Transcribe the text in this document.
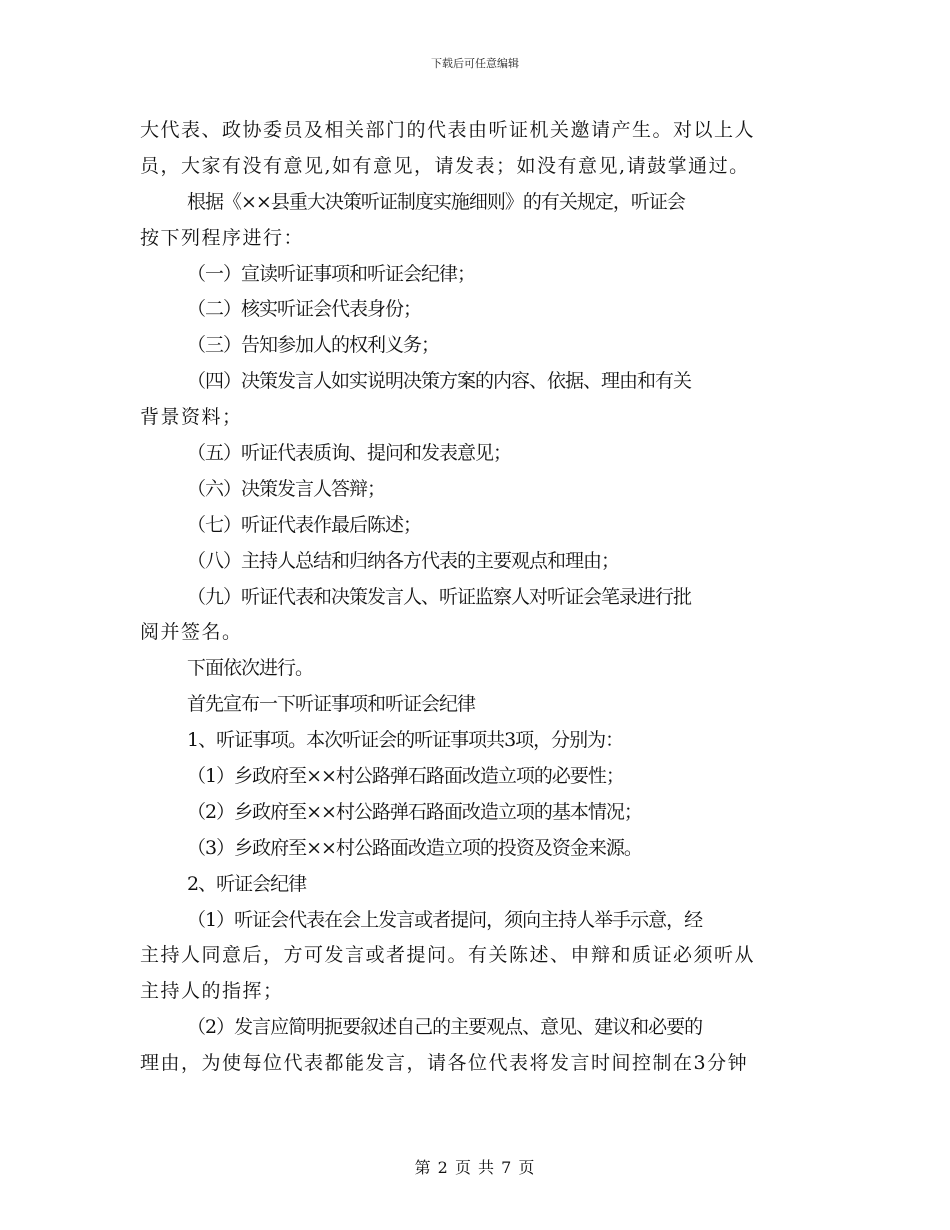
下载后可任意编辑
大代表、政协委员及相关部门的代表由听证机关邀请产生。对以上人
员，大家有没有意见,如有意见，请发表；如没有意见,请鼓掌通过。
根据《××县重大决策听证制度实施细则》的有关规定，听证会
按下列程序进行：
（一）宣读听证事项和听证会纪律；
（二）核实听证会代表身份；
（三）告知参加人的权利义务；
（四）决策发言人如实说明决策方案的内容、依据、理由和有关
背景资料；
（五）听证代表质询、提问和发表意见；
（六）决策发言人答辩；
（七）听证代表作最后陈述；
（八）主持人总结和归纳各方代表的主要观点和理由；
（九）听证代表和决策发言人、听证监察人对听证会笔录进行批
阅并签名。
下面依次进行。
首先宣布一下听证事项和听证会纪律
1、听证事项。本次听证会的听证事项共3项，分别为：
（1）乡政府至××村公路弹石路面改造立项的必要性；
（2）乡政府至××村公路弹石路面改造立项的基本情况；
（3）乡政府至××村公路面改造立项的投资及资金来源。
2、听证会纪律
（1）听证会代表在会上发言或者提问，须向主持人举手示意，经
主持人同意后，方可发言或者提问。有关陈述、申辩和质证必须听从
主持人的指挥；
（2）发言应简明扼要叙述自己的主要观点、意见、建议和必要的
理由，为使每位代表都能发言，请各位代表将发言时间控制在3分钟
第 2 页 共 7 页
